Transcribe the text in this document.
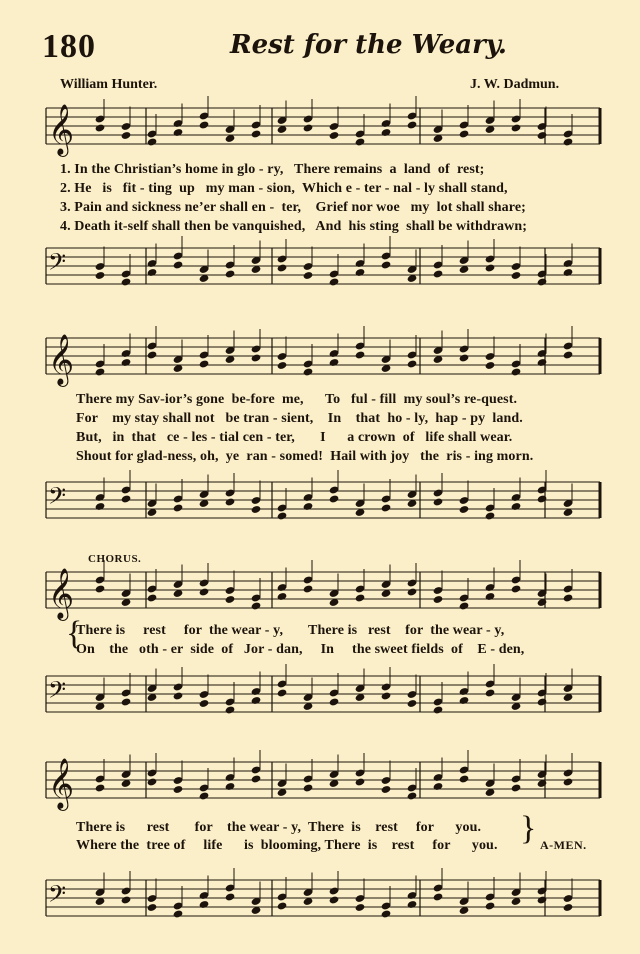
180	Rest for the Weary.
William Hunter.	J. W. Dadmun.
𝄞
𝄢
1. In the Christian’s home in glo - ry,   There remains  a  land  of  rest;
2. He   is   fit - ting  up   my man - sion,  Which e - ter - nal - ly shall stand,
3. Pain and sickness ne’er shall en -  ter,    Grief nor woe   my  lot shall share;
4. Death it-self shall then be vanquished,   And  his sting  shall be withdrawn;
𝄞
𝄢
There my Sav-ior’s gone  be-fore  me,      To   ful - fill  my soul’s re-quest.
For    my stay shall not   be tran - sient,    In    that  ho - ly,  hap - py  land.
But,   in  that   ce - les - tial cen - ter,       I      a crown  of   life shall wear.
Shout for glad-ness, oh,  ye  ran - somed!  Hail with joy   the  ris - ing morn.
CHORUS.
𝄞
𝄢
{
There is     rest     for  the wear - y,       There is   rest    for  the wear - y,
On    the   oth - er  side  of   Jor - dan,     In     the sweet fields  of    E - den,
𝄞
𝄢
There is      rest       for    the wear - y,  There  is    rest     for      you.
Where the  tree of     life      is  blooming, There  is    rest     for      you. } A-MEN.
